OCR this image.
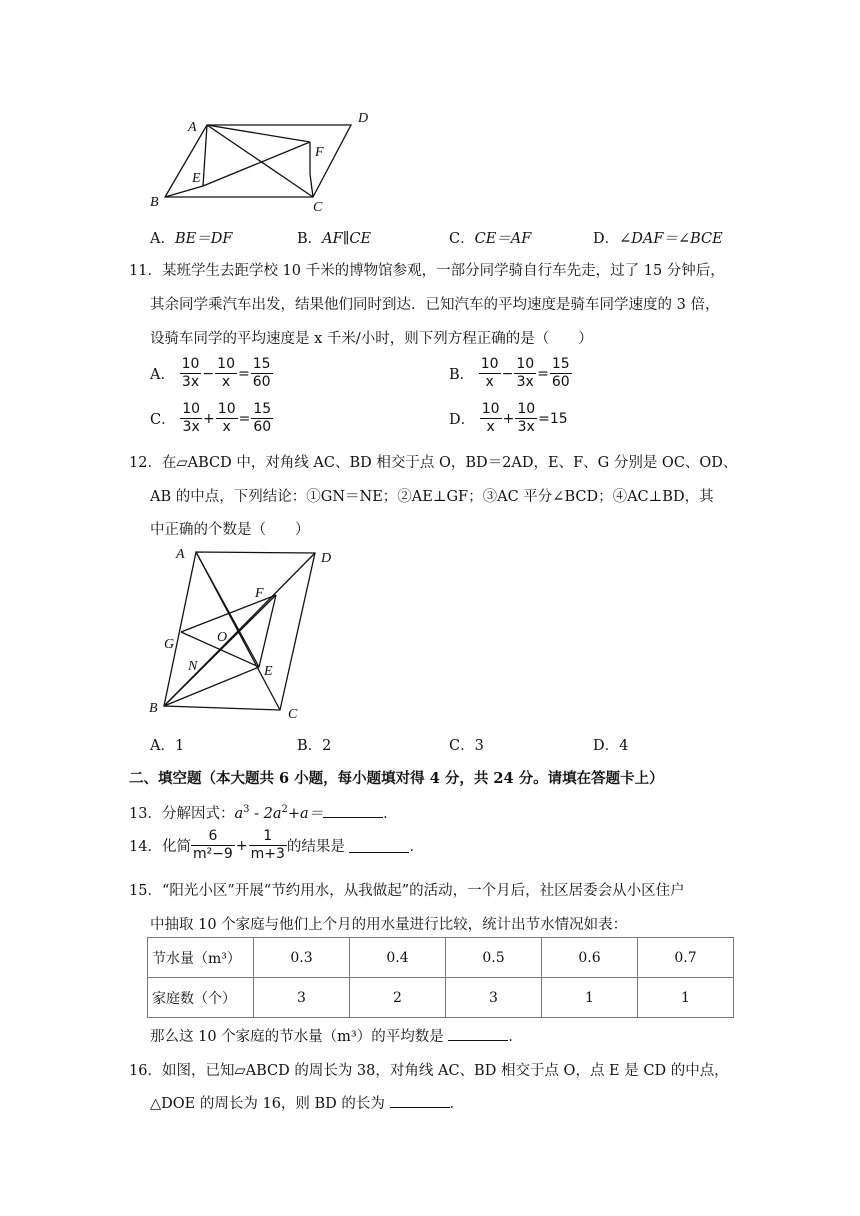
A
B	C
D
E
F
A．BE＝DF	B．AF∥CE	C．CE＝AF	D．∠DAF＝∠BCE
11．某班学生去距学校 10 千米的博物馆参观，一部分同学骑自行车先走，过了 15 分钟后，
其余同学乘汽车出发，结果他们同时到达．已知汽车的平均速度是骑车同学速度的 3 倍，
设骑车同学的平均速度是 x 千米/小时，则下列方程正确的是（　　）
A． $\frac{10}{3x} - \frac{10}{x} = \frac{15}{60}$	B． $\frac{10}{x} - \frac{10}{3x} = \frac{15}{60}$
C． $\frac{10}{3x} + \frac{10}{x} = \frac{15}{60}$	D． $\frac{10}{x} + \frac{10}{3x} =15$
12．在▱ABCD 中，对角线 AC、BD 相交于点 O，BD＝2AD，E、F、G 分别是 OC、OD、
AB 的中点，下列结论：①GN＝NE；②AE⊥GF；③AC 平分∠BCD；④AC⊥BD，其
中正确的个数是（　　）
A
B	C
D
E
F
G
N
O
A．1	B．2	C．3	D．4
二、填空题（本大题共 6 小题，每小题填对得 4 分，共 24 分。请填在答题卡上）
13．分解因式：$a^3 - 2a^2+a=$	．
14．化简 $\frac{6}{\text{m²−9}} + \frac{1}{m+3}$ 的结果是	．
15．“阳光小区”开展“节约用水，从我做起”的活动，一个月后，社区居委会从小区住户
中抽取 10 个家庭与他们上个月的用水量进行比较，统计出节水情况如表：
节水量（m³）	0.3	0.4	0.5	0.6	0.7
家庭数（个）	3	2	3	1	1
那么这 10 个家庭的节水量（m³）的平均数是	．
16．如图，已知▱ABCD 的周长为 38，对角线 AC、BD 相交于点 O，点 E 是 CD 的中点，
△DOE 的周长为 16，则 BD 的长为	．
